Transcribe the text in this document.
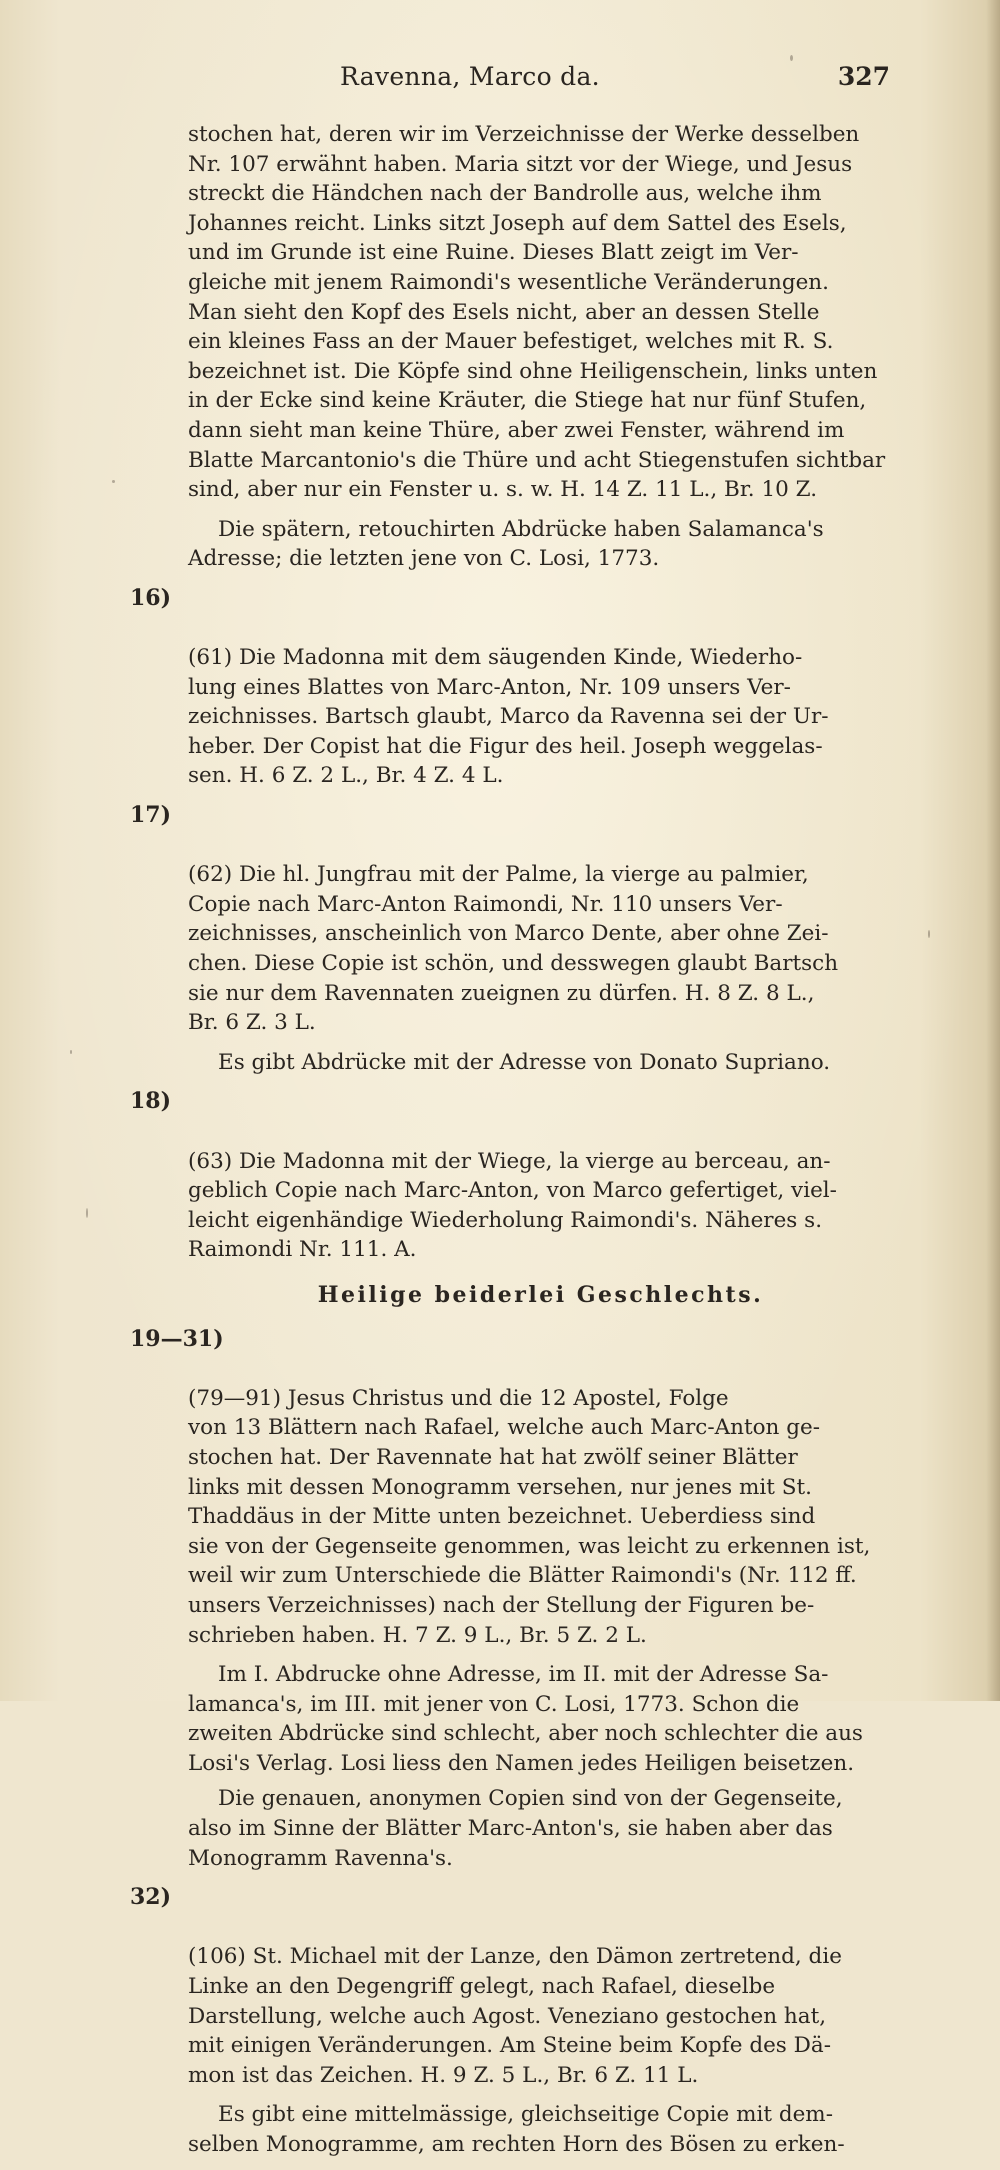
Ravenna, Marco da.	327

stochen hat, deren wir im Verzeichnisse der Werke desselben
Nr. 107 erwähnt haben. Maria sitzt vor der Wiege, und Jesus
streckt die Händchen nach der Bandrolle aus, welche ihm
Johannes reicht. Links sitzt Joseph auf dem Sattel des Esels,
und im Grunde ist eine Ruine. Dieses Blatt zeigt im Ver-
gleiche mit jenem Raimondi's wesentliche Veränderungen.
Man sieht den Kopf des Esels nicht, aber an dessen Stelle
ein kleines Fass an der Mauer befestiget, welches mit R. S.
bezeichnet ist. Die Köpfe sind ohne Heiligenschein, links unten
in der Ecke sind keine Kräuter, die Stiege hat nur fünf Stufen,
dann sieht man keine Thüre, aber zwei Fenster, während im
Blatte Marcantonio's die Thüre und acht Stiegenstufen sichtbar
sind, aber nur ein Fenster u. s. w. H. 14 Z. 11 L., Br. 10 Z.

Die spätern, retouchirten Abdrücke haben Salamanca's
Adresse; die letzten jene von C. Losi, 1773.

16)

(61) Die Madonna mit dem säugenden Kinde, Wiederho-
lung eines Blattes von Marc-Anton, Nr. 109 unsers Ver-
zeichnisses. Bartsch glaubt, Marco da Ravenna sei der Ur-
heber. Der Copist hat die Figur des heil. Joseph weggelas-
sen. H. 6 Z. 2 L., Br. 4 Z. 4 L.

17)

(62) Die hl. Jungfrau mit der Palme, la vierge au palmier,
Copie nach Marc-Anton Raimondi, Nr. 110 unsers Ver-
zeichnisses, anscheinlich von Marco Dente, aber ohne Zei-
chen. Diese Copie ist schön, und desswegen glaubt Bartsch
sie nur dem Ravennaten zueignen zu dürfen. H. 8 Z. 8 L.,
Br. 6 Z. 3 L.

Es gibt Abdrücke mit der Adresse von Donato Supriano.

18)

(63) Die Madonna mit der Wiege, la vierge au berceau, an-
geblich Copie nach Marc-Anton, von Marco gefertiget, viel-
leicht eigenhändige Wiederholung Raimondi's. Näheres s.
Raimondi Nr. 111. A.

Heilige beiderlei Geschlechts.

19—31)

(79—91) Jesus Christus und die 12 Apostel, Folge
von 13 Blättern nach Rafael, welche auch Marc-Anton ge-
stochen hat. Der Ravennate hat hat zwölf seiner Blätter
links mit dessen Monogramm versehen, nur jenes mit St.
Thaddäus in der Mitte unten bezeichnet. Ueberdiess sind
sie von der Gegenseite genommen, was leicht zu erkennen ist,
weil wir zum Unterschiede die Blätter Raimondi's (Nr. 112 ff.
unsers Verzeichnisses) nach der Stellung der Figuren be-
schrieben haben. H. 7 Z. 9 L., Br. 5 Z. 2 L.

Im I. Abdrucke ohne Adresse, im II. mit der Adresse Sa-
lamanca's, im III. mit jener von C. Losi, 1773. Schon die
zweiten Abdrücke sind schlecht, aber noch schlechter die aus
Losi's Verlag. Losi liess den Namen jedes Heiligen beisetzen.

Die genauen, anonymen Copien sind von der Gegenseite,
also im Sinne der Blätter Marc-Anton's, sie haben aber das
Monogramm Ravenna's.

32)

(106) St. Michael mit der Lanze, den Dämon zertretend, die
Linke an den Degengriff gelegt, nach Rafael, dieselbe
Darstellung, welche auch Agost. Veneziano gestochen hat,
mit einigen Veränderungen. Am Steine beim Kopfe des Dä-
mon ist das Zeichen. H. 9 Z. 5 L., Br. 6 Z. 11 L.

Es gibt eine mittelmässige, gleichseitige Copie mit dem-
selben Monogramme, am rechten Horn des Bösen zu erken-
